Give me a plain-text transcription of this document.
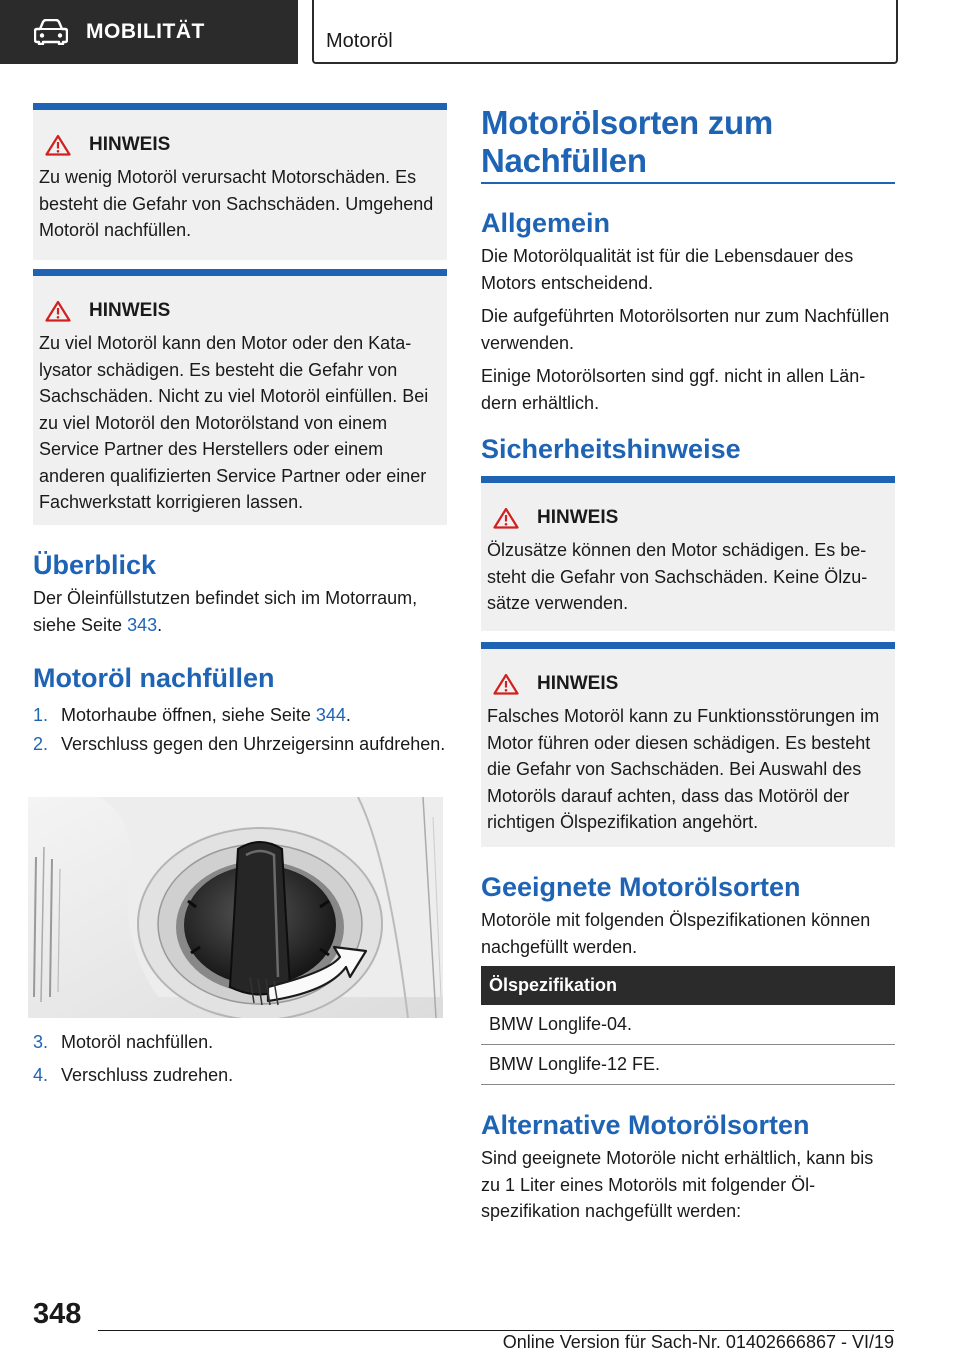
MOBILITÄT	Motoröl
HINWEIS

Zu wenig Motoröl verursacht Motorschäden. Es besteht die Gefahr von Sachschäden. Umgehend Motoröl nachfüllen.

HINWEIS

Zu viel Motoröl kann den Motor oder den Katalysator schädigen. Es besteht die Gefahr von Sachschäden. Nicht zu viel Motoröl einfüllen. Bei zu viel Motoröl den Motorölstand von einem Service Partner des Herstellers oder einem anderen qualifizierten Service Partner oder einer Fachwerkstatt korrigieren lassen.

Überblick

Der Öleinfüllstutzen befindet sich im Motorraum, siehe Seite 343.

Motoröl nachfüllen
1. Motorhaube öffnen, siehe Seite 344.
2. Verschluss gegen den Uhrzeigersinn aufdrehen.
3. Motoröl nachfüllen.
4. Verschluss zudrehen.
Motorölsorten zum Nachfüllen
Allgemein

Die Motorölqualität ist für die Lebensdauer des Motors entscheidend.

Die aufgeführten Motorölsorten nur zum Nachfüllen verwenden.

Einige Motorölsorten sind ggf. nicht in allen Ländern erhältlich.

Sicherheitshinweise
HINWEIS

Ölzusätze können den Motor schädigen. Es besteht die Gefahr von Sachschäden. Keine Ölzusätze verwenden.

HINWEIS

Falsches Motoröl kann zu Funktionsstörungen im Motor führen oder diesen schädigen. Es besteht die Gefahr von Sachschäden. Bei Auswahl des Motoröls darauf achten, dass das Motöröl der richtigen Ölspezifikation angehört.

Geeignete Motorölsorten

Motoröle mit folgenden Ölspezifikationen können nachgefüllt werden.

Ölspezifikation
BMW Longlife-04.
BMW Longlife-12 FE.
Alternative Motorölsorten

Sind geeignete Motoröle nicht erhältlich, kann bis zu 1 Liter eines Motoröls mit folgender Ölspezifikation nachgefüllt werden:

348
Online Version für Sach-Nr. 01402666867 - VI/19
